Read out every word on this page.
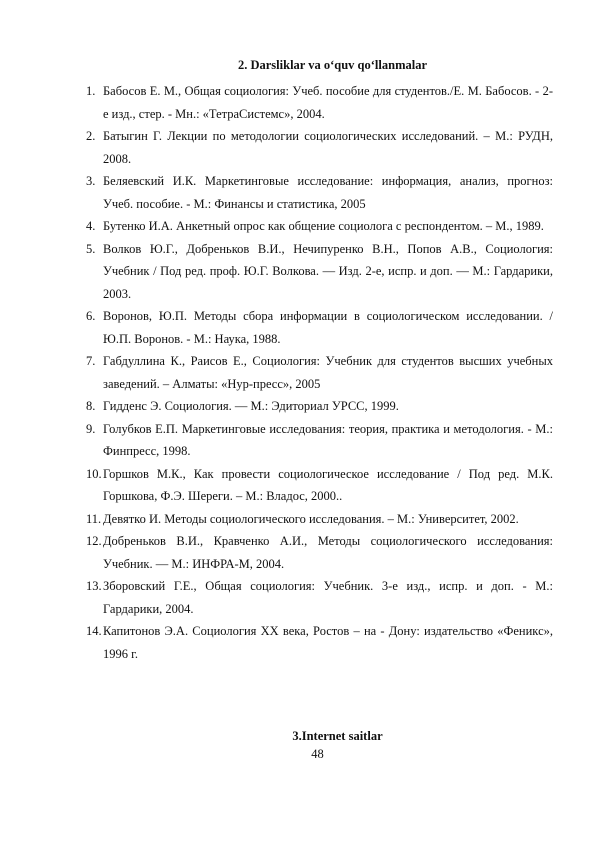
2. Darsliklar va o‘quv qo‘llanmalar
1. Бабосов Е. М., Общая социология: Учеб. пособие для студентов./Е. М. Бабосов. - 2-е изд., стер. - Мн.: «ТетраСистемс», 2004.
2. Батыгин Г. Лекции по методологии социологических исследований. – М.: РУДН, 2008.
3. Беляевский И.К. Маркетинговые исследование: информация, анализ, прогноз: Учеб. пособие. - М.: Финансы и статистика, 2005
4. Бутенко И.А. Анкетный опрос как общение социолога с респондентом. – М., 1989.
5. Волков Ю.Г., Добреньков В.И., Нечипуренко В.Н., Попов А.В., Социология: Учебник / Под ред. проф. Ю.Г. Волкова. — Изд. 2-е, испр. и доп. — М.: Гардарики, 2003.
6. Воронов, Ю.П. Методы сбора информации в социологическом исследовании. / Ю.П. Воронов. - М.: Наука, 1988.
7. Габдуллина К., Раисов Е., Социология: Учебник для студентов высших учебных заведений. – Алматы: «Нур-пресс», 2005
8. Гидденс Э. Социология. — М.: Эдиториал УРСС, 1999.
9. Голубков Е.П. Маркетинговые исследования: теория, практика и методология. - М.: Финпресс, 1998.
10. Горшков М.К., Как провести социологическое исследование / Под ред. М.К. Горшкова, Ф.Э. Шереги. – М.: Владос, 2000..
11. Девятко И. Методы социологического исследования. – М.: Университет, 2002.
12. Добреньков В.И., Кравченко А.И., Методы социологического исследования: Учебник. — М.: ИНФРА-М, 2004.
13. Зборовский Г.Е., Общая социология: Учебник. 3-е изд., испр. и доп. - М.: Гардарики, 2004.
14. Капитонов Э.А. Социология XX века, Ростов – на - Дону: издательство «Феникс», 1996 г.
3.Internet saitlar
48
